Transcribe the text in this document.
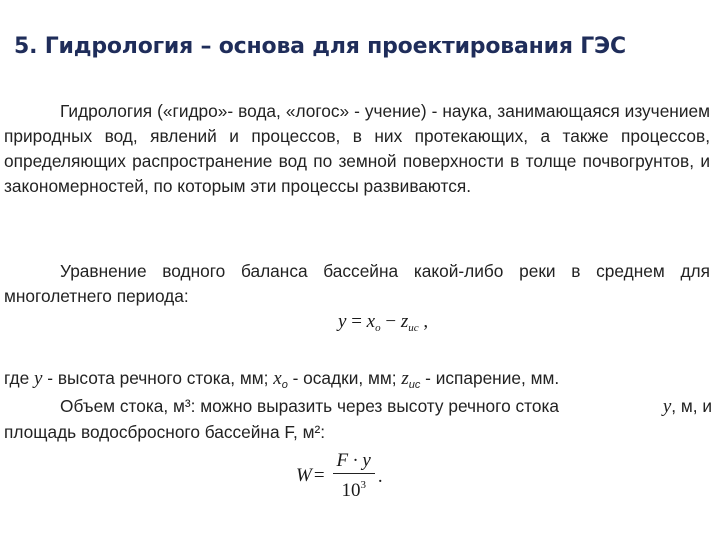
5. Гидрология – основа для проектирования ГЭС

Гидрология («гидро»- вода, «логос» - учение) - наука, занимающаяся изучением природных вод, явлений и процессов, в них протекающих, а также процессов, определяющих распространение вод по земной поверхности в толще почвогрунтов, и закономерностей, по которым эти процессы развиваются.

Уравнение водного баланса бассейна какой-либо реки в среднем для многолетнего периода:

$y = x_o - z_{ис}$ ,
где y - высота речного стока, мм; $x_o$ - осадки, мм; $z_{ис}$ - испарение, мм.
Объем стока, м³: можно выразить через высоту речного стока	y, м, и
площадь водосбросного бассейна F, м²:
$W = \frac{F \cdot y}{10^3}$ .
